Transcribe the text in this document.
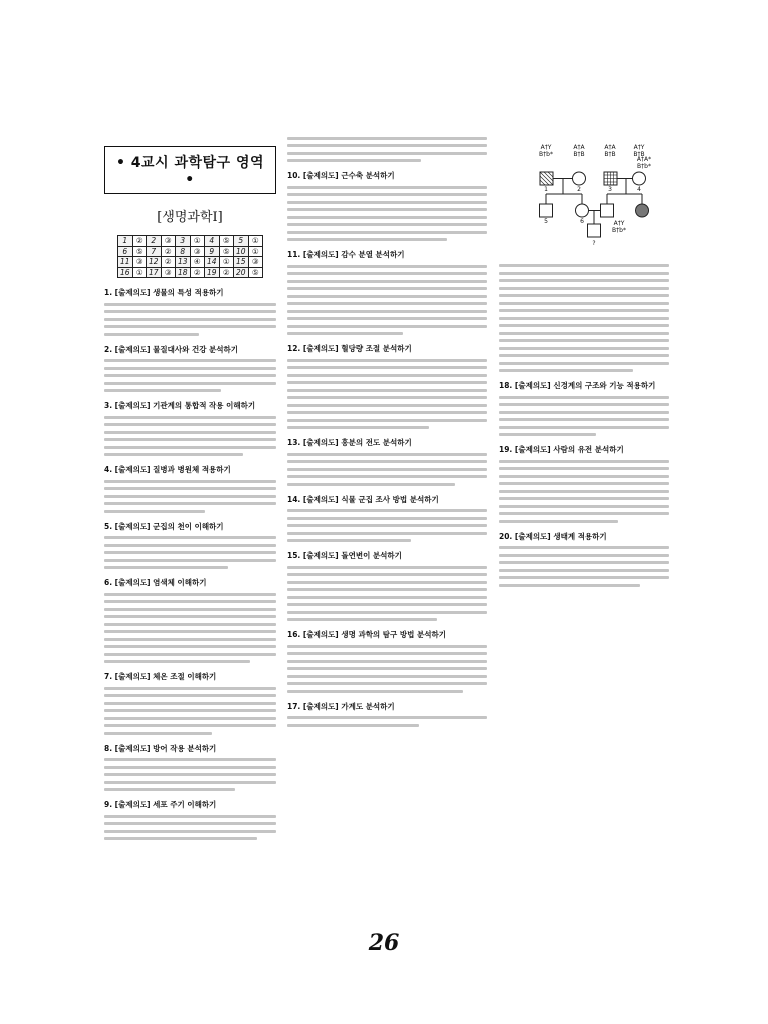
• 4교시 과학탐구 영역 •
[생명과학Ⅰ]
1	②	2	③	3	①	4	⑤	5	①
6	⑤	7	②	8	③	9	⑤	10	①
11	③	12	②	13	④	14	①	15	③
16	①	17	③	18	②	19	②	20	⑤
1. [출제의도] 생물의 특성 적용하기
2. [출제의도] 물질대사와 건강 분석하기
3. [출제의도] 기관계의 통합적 작용 이해하기
4. [출제의도] 질병과 병원체 적용하기
5. [출제의도] 군집의 천이 이해하기
6. [출제의도] 염색체 이해하기
7. [출제의도] 체온 조절 이해하기
8. [출제의도] 방어 작용 분석하기
9. [출제의도] 세포 주기 이해하기
10. [출제의도] 근수축 분석하기
11. [출제의도] 감수 분열 분석하기
12. [출제의도] 혈당량 조절 분석하기
13. [출제의도] 흥분의 전도 분석하기
14. [출제의도] 식물 군집 조사 방법 분석하기
15. [출제의도] 돌연변이 분석하기
16. [출제의도] 생명 과학의 탐구 방법 분석하기
17. [출제의도] 가계도 분석하기
A†Y
B†b*
A†A
B†B
A†A
B†B
A†Y
B†B
A†A*
B†b*
1	2	3	4
5	6
?
A†Y
B†b*
18. [출제의도] 신경계의 구조와 기능 적용하기
19. [출제의도] 사람의 유전 분석하기
20. [출제의도] 생태계 적용하기
26
